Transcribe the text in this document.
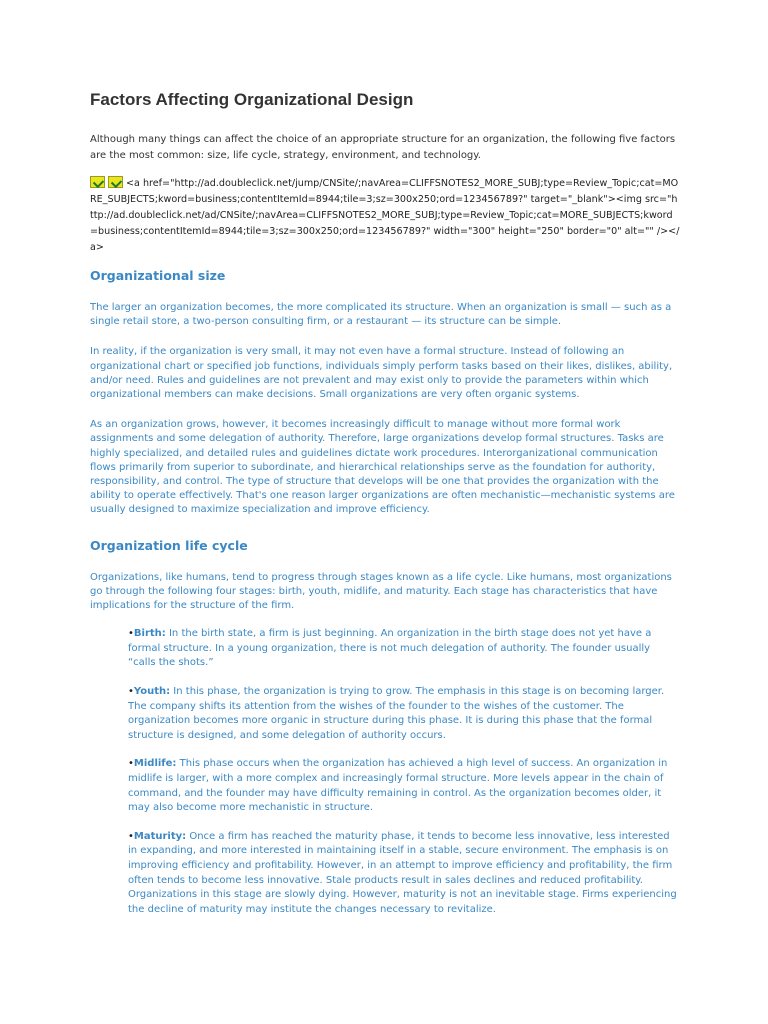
Factors Affecting Organizational Design

Although many things can affect the choice of an appropriate structure for an organization, the following five factors are the most common: size, life cycle, strategy, environment, and technology.

<a href="http://ad.doubleclick.net/jump/CNSite/;navArea=CLIFFSNOTES2_MORE_SUBJ;type=Review_Topic;cat=MORE_SUBJECTS;kword=business;contentItemId=8944;tile=3;sz=300x250;ord=123456789?" target="_blank"><img src="http://ad.doubleclick.net/ad/CNSite/;navArea=CLIFFSNOTES2_MORE_SUBJ;type=Review_Topic;cat=MORE_SUBJECTS;kword=business;contentItemId=8944;tile=3;sz=300x250;ord=123456789?" width="300" height="250" border="0" alt="" /></a>
Organizational size

The larger an organization becomes, the more complicated its structure. When an organization is small — such as a single retail store, a two-person consulting firm, or a restaurant — its structure can be simple.

In reality, if the organization is very small, it may not even have a formal structure. Instead of following an organizational chart or specified job functions, individuals simply perform tasks based on their likes, dislikes, ability, and/or need. Rules and guidelines are not prevalent and may exist only to provide the parameters within which organizational members can make decisions. Small organizations are very often organic systems.

As an organization grows, however, it becomes increasingly difficult to manage without more formal work assignments and some delegation of authority. Therefore, large organizations develop formal structures. Tasks are highly specialized, and detailed rules and guidelines dictate work procedures. Interorganizational communication flows primarily from superior to subordinate, and hierarchical relationships serve as the foundation for authority, responsibility, and control. The type of structure that develops will be one that provides the organization with the ability to operate effectively. That's one reason larger organizations are often mechanistic—mechanistic systems are usually designed to maximize specialization and improve efficiency.

Organization life cycle

Organizations, like humans, tend to progress through stages known as a life cycle. Like humans, most organizations go through the following four stages: birth, youth, midlife, and maturity. Each stage has characteristics that have implications for the structure of the firm.

•Birth: In the birth state, a firm is just beginning. An organization in the birth stage does not yet have a formal structure. In a young organization, there is not much delegation of authority. The founder usually “calls the shots.”

•Youth: In this phase, the organization is trying to grow. The emphasis in this stage is on becoming larger. The company shifts its attention from the wishes of the founder to the wishes of the customer. The organization becomes more organic in structure during this phase. It is during this phase that the formal structure is designed, and some delegation of authority occurs.

•Midlife: This phase occurs when the organization has achieved a high level of success. An organization in midlife is larger, with a more complex and increasingly formal structure. More levels appear in the chain of command, and the founder may have difficulty remaining in control. As the organization becomes older, it may also become more mechanistic in structure.

•Maturity: Once a firm has reached the maturity phase, it tends to become less innovative, less interested in expanding, and more interested in maintaining itself in a stable, secure environment. The emphasis is on improving efficiency and profitability. However, in an attempt to improve efficiency and profitability, the firm often tends to become less innovative. Stale products result in sales declines and reduced profitability. Organizations in this stage are slowly dying. However, maturity is not an inevitable stage. Firms experiencing the decline of maturity may institute the changes necessary to revitalize.
